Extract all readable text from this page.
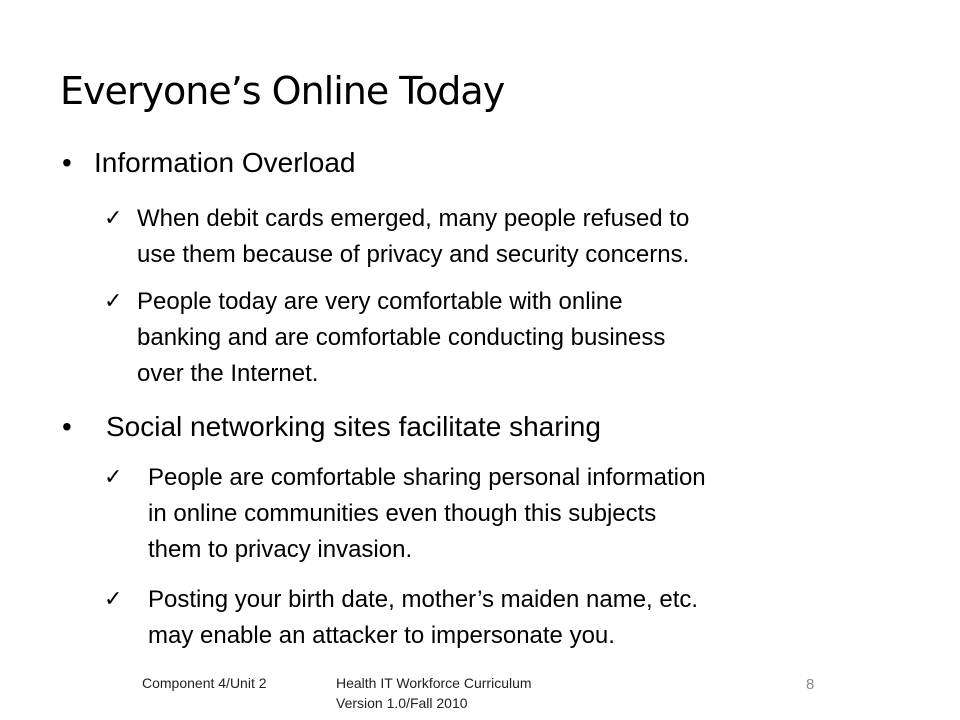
Everyone’s Online Today
• Information Overload
✓ When debit cards emerged, many people refused to
use them because of privacy and security concerns.
✓ People today are very comfortable with online
banking and are comfortable conducting business
over the Internet.
• Social networking sites facilitate sharing
✓ People are comfortable sharing personal information
in online communities even though this subjects
them to privacy invasion.
✓ Posting your birth date, mother’s maiden name, etc.
may enable an attacker to impersonate you.
Component 4/Unit 2	Health IT Workforce Curriculum
Version 1.0/Fall 2010
8
